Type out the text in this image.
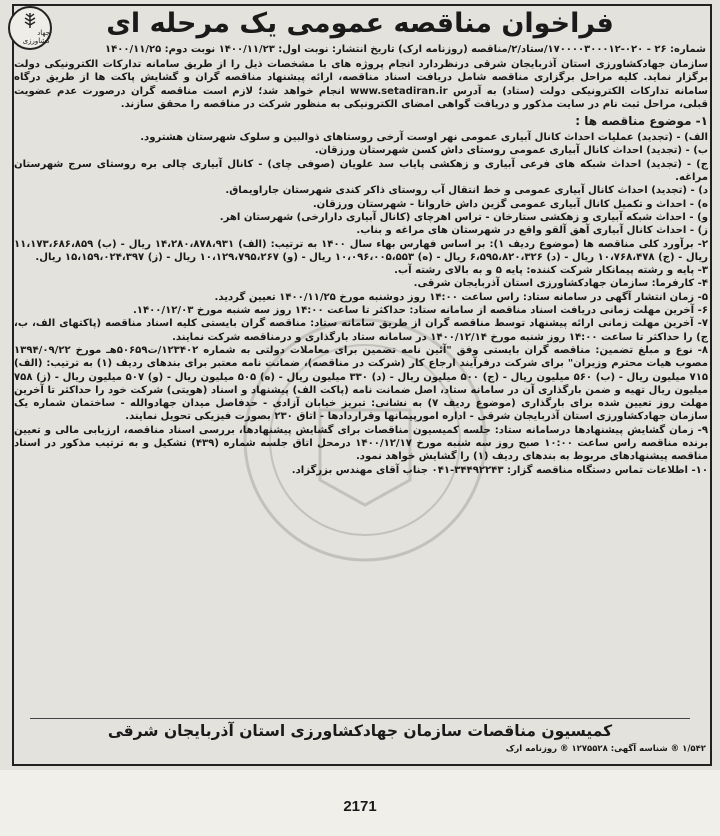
جهاد کشاورزی
فراخوان مناقصه عمومی یک مرحله ای
شماره: ۲۶ - ۰۲۰-۱۷۰۰۰۰۳۰۰۰۱۲/ستاد/۲/مناقصه (روزنامه ارک) تاریخ انتشار: نوبت اول: ۱۴۰۰/۱۱/۲۳ نوبت دوم: ۱۴۰۰/۱۱/۲۵

سازمان جهادکشاورزی استان آذربایجان شرقی درنظردارد انجام پروژه های با مشخصات ذیل را از طریق سامانه تدارکات الکترونیکی دولت برگزار نماید. کلیه مراحل برگزاری مناقصه شامل دریافت اسناد مناقصه، ارائه پیشنهاد مناقصه گران و گشایش پاکت ها از طریق درگاه سامانه تدارکات الکترونیکی دولت (ستاد) به آدرس www.setadiran.ir انجام خواهد شد؛ لازم است مناقصه گران درصورت عدم عضویت قبلی، مراحل ثبت نام در سایت مذکور و دریافت گواهی امضای الکترونیکی به منظور شرکت در مناقصه را محقق سازند.

۱- موضوع مناقصه ها :

الف) - (تجدید) عملیات احداث کانال آبیاری عمومی نهر اوست آرخی روستاهای ذوالبین و سلوک شهرستان هشترود.

ب) - (تجدید) احداث کانال آبیاری عمومی روستای داش کسن شهرستان ورزقان.

ج) - (تجدید) احداث شبکه های فرعی آبیاری و زهکشی پایاب سد علویان (صوفی چای) - کانال آبیاری چالی بره روستای سرج شهرستان مراغه.

د) - (تجدید) احداث کانال آبیاری عمومی و خط انتقال آب روستای ذاکر کندی شهرستان جاراویماق.

ه) - احداث و تکمیل کانال آبیاری عمومی گزین داش خاروانا - شهرستان ورزقان.

و) - احداث شبکه آبیاری و زهکشی ستارخان - تراس اهرچای (کانال آبیاری دارارخی) شهرستان اهر.

ز) - احداث کانال آبیاری آهق آلقو واقع در شهرستان های مراغه و بناب.

۲- برآورد کلی مناقصه ها (موضوع ردیف ۱): بر اساس فهارس بهاء سال ۱۴۰۰ به ترتیب: (الف) ۱۴،۲۸۰،۸۷۸،۹۳۱ ریال - (ب) ۱۱،۱۷۳،۶۸۶،۸۵۹ ریال - (ج) ۱۰،۷۶۸،۴۷۸ ریال - (د) ۶،۵۹۵،۸۲۰،۳۲۶ ریال - (ه) ۱۰،۰۹۶،۰۰۵،۵۵۳ ریال - (و) ۱۰،۱۲۹،۷۹۵،۲۶۷ ریال - (ز) ۱۵،۱۵۹،۰۲۴،۳۹۷ ریال.

۳- پایه و رشته پیمانکار شرکت کننده: پایه ۵ و به بالای رشته آب.

۴- کارفرما: سازمان جهادکشاورزی استان آذربایجان شرقی.

۵- زمان انتشار آگهی در سامانه ستاد: راس ساعت ۱۴:۰۰ روز دوشنبه مورخ ۱۴۰۰/۱۱/۲۵ تعیین گردید.

۶- آخرین مهلت زمانی دریافت اسناد مناقصه از سامانه ستاد: حداکثر تا ساعت ۱۴:۰۰ روز سه شنبه مورخ ۱۴۰۰/۱۲/۰۳.

۷- آخرین مهلت زمانی ارائه پیشنهاد توسط مناقصه گران از طریق سامانه ستاد: مناقصه گران بایستی کلیه اسناد مناقصه (پاکتهای الف، ب، ج) را حداکثر تا ساعت ۱۴:۰۰ روز شنبه مورخ ۱۴۰۰/۱۲/۱۴ در سامانه ستاد بارگذاری و درمناقصه شرکت نمایند.

۸- نوع و مبلغ تضمین: مناقصه گران بایستی وفق "آئین نامه تضمین برای معاملات دولتی به شماره ۱۲۳۴۰۲/ت۵۰۶۵۹هـ مورخ ۱۳۹۴/۰۹/۲۲ مصوب هیات محترم وزیران" برای شرکت درفرآیند ارجاع کار (شرکت در مناقصه)، ضمانت نامه معتبر برای بندهای ردیف (۱) به ترتیب: (الف) ۷۱۵ میلیون ریال - (ب) ۵۶۰ میلیون ریال - (ج) ۵۰۰ میلیون ریال - (د) ۳۳۰ میلیون ریال - (ه) ۵۰۵ میلیون ریال - (و) ۵۰۷ میلیون ریال - (ز) ۷۵۸ میلیون ریال تهیه و ضمن بارگذاری آن در سامانه ستاد، اصل ضمانت نامه (پاکت الف) پیشنهاد و اسناد (هویتی) شرکت خود را حداکثر تا آخرین مهلت روز تعیین شده برای بارگذاری (موضوع ردیف ۷) به نشانی: تبریز خیابان آزادی - حدفاصل میدان جهادوالله - ساختمان شماره یک سازمان جهادکشاورزی استان آذربایجان شرقی - اداره امورپیمانها وقراردادها - اتاق ۲۳۰ بصورت فیزیکی تحویل نمایند.

۹- زمان گشایش پیشنهادها درسامانه ستاد: جلسه کمیسیون مناقصات برای گشایش پیشنهادها، بررسی اسناد مناقصه، ارزیابی مالی و تعیین برنده مناقصه راس ساعت ۱۰:۰۰ صبح روز سه شنبه مورخ ۱۴۰۰/۱۲/۱۷ درمحل اتاق جلسه شماره (۴۳۹) تشکیل و به ترتیب مذکور در اسناد مناقصه پیشنهادهای مربوط به بندهای ردیف (۱) را گشایش خواهد نمود.

۱۰- اطلاعات تماس دستگاه مناقصه گزار: ۳۴۴۹۲۲۴۳-۰۴۱ جناب آقای مهندس بزرگزاد.

کمیسیون مناقصات سازمان جهادکشاورزی استان آذربایجان شرقی
۱/۵۴۲ ® شناسه آگهی: ۱۲۷۵۵۲۸ ® روزنامه ارک
2171
